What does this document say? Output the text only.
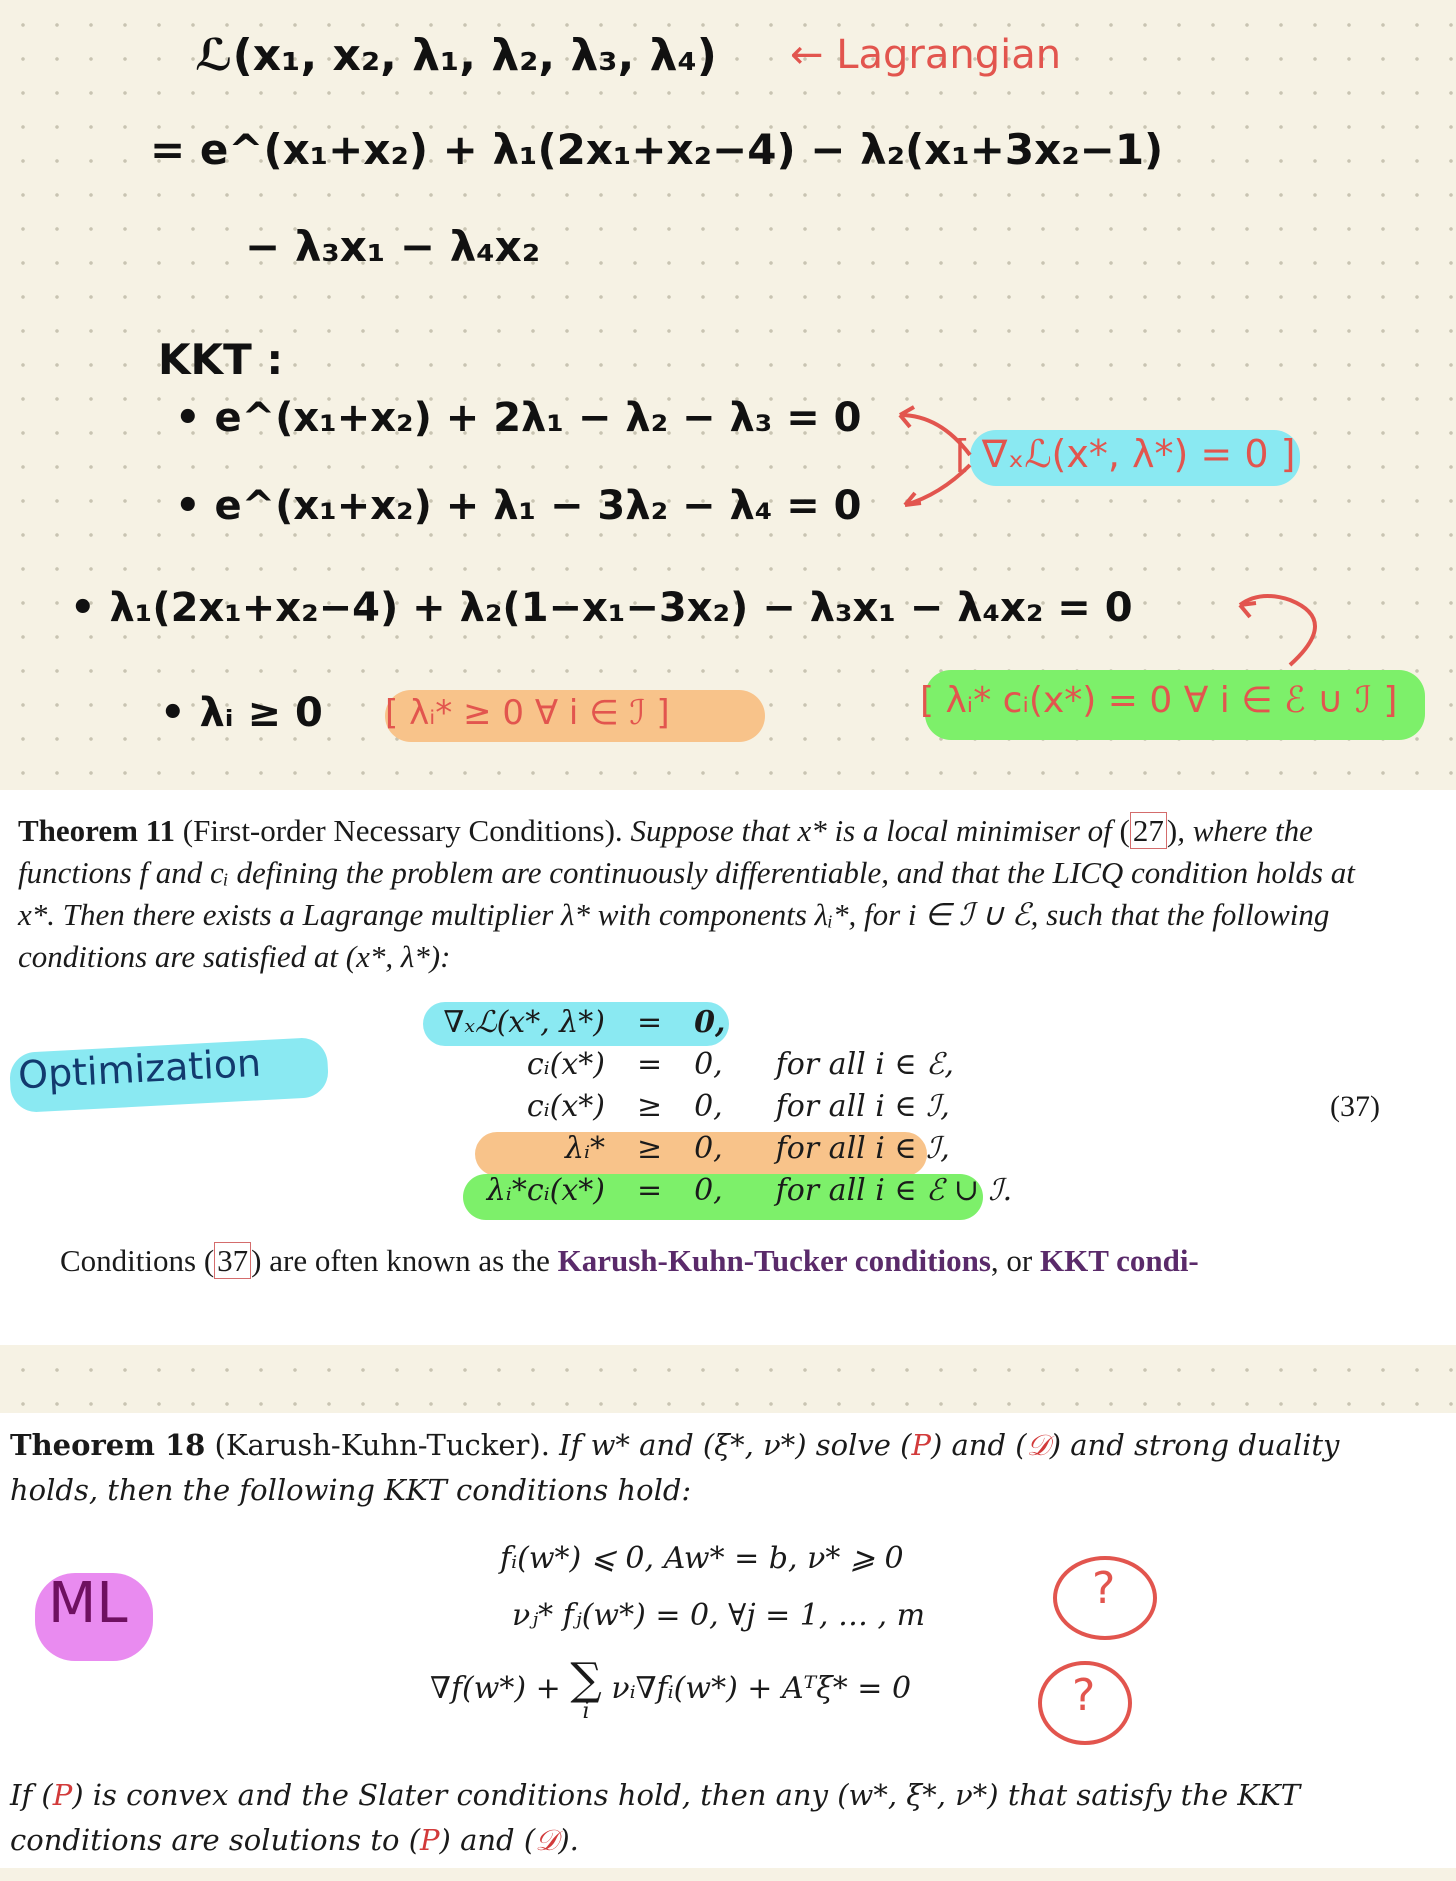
ℒ(x₁, x₂, λ₁, λ₂, λ₃, λ₄) ← Lagrangian
= e^(x₁+x₂) + λ₁(2x₁+x₂−4) − λ₂(x₁+3x₂−1)
− λ₃x₁ − λ₄x₂
KKT :
• e^(x₁+x₂) + 2λ₁ − λ₂ − λ₃ = 0
• e^(x₁+x₂) + λ₁ − 3λ₂ − λ₄ = 0
[ ∇ₓℒ(x*, λ*) = 0 ]
• λ₁(2x₁+x₂−4) + λ₂(1−x₁−3x₂) − λ₃x₁ − λ₄x₂ = 0
• λᵢ ≥ 0 [ λᵢ* ≥ 0 ∀ i ∈ ℐ ]	[ λᵢ* cᵢ(x*) = 0 ∀ i ∈ ℰ ∪ ℐ ]
Theorem 11 (First-order Necessary Conditions). Suppose that x* is a local minimiser of (27), where the functions f and cᵢ defining the problem are continuously differentiable, and that the LICQ condition holds at x*. Then there exists a Lagrange multiplier λ* with components λᵢ*, for i ∈ ℐ ∪ ℰ, such that the following conditions are satisfied at (x*, λ*):
Optimization
∇ₓℒ(x*, λ*) = 0,
cᵢ(x*) = 0, for all i ∈ ℰ,
cᵢ(x*) ≥ 0, for all i ∈ ℐ,
λᵢ* ≥ 0, for all i ∈ ℐ,
λᵢ*cᵢ(x*) = 0, for all i ∈ ℰ ∪ ℐ.
(37)
Conditions (37) are often known as the Karush-Kuhn-Tucker conditions, or KKT condi-
Theorem 18 (Karush-Kuhn-Tucker). If w* and (ξ*, ν*) solve (P) and (𝒟) and strong duality holds, then the following KKT conditions hold:
ML
fᵢ(w*) ⩽ 0, Aw* = b, ν* ⩾ 0
νⱼ* fⱼ(w*) = 0, ∀j = 1, … , m
∇f(w*) + ∑
i
νᵢ∇fᵢ(w*) + Aᵀξ* = 0
?
?
If (P) is convex and the Slater conditions hold, then any (w*, ξ*, ν*) that satisfy the KKT conditions are solutions to (P) and (𝒟).
